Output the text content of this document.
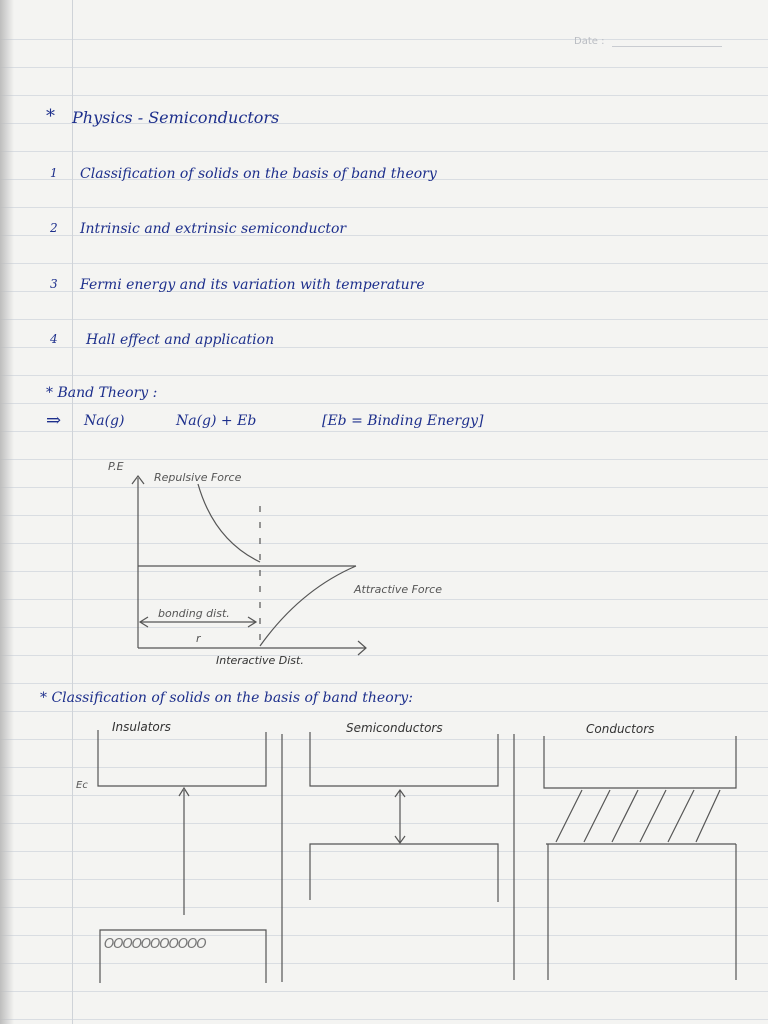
Date :
* Physics - Semiconductors
1 Classification of solids on the basis of band theory
2 Intrinsic and extrinsic semiconductor
3 Fermi energy and its variation with temperature
4 Hall effect and application
* Band Theory :
⇒ Na(g)	Na(g) + Eb	[Eb = Binding Energy]
P.E
Repulsive Force
Attractive Force
bonding dist.
r
Interactive Dist.
* Classification of solids on the basis of band theory:
Insulators	Semiconductors	Conductors
Ec
OOOOOOOOOOO
